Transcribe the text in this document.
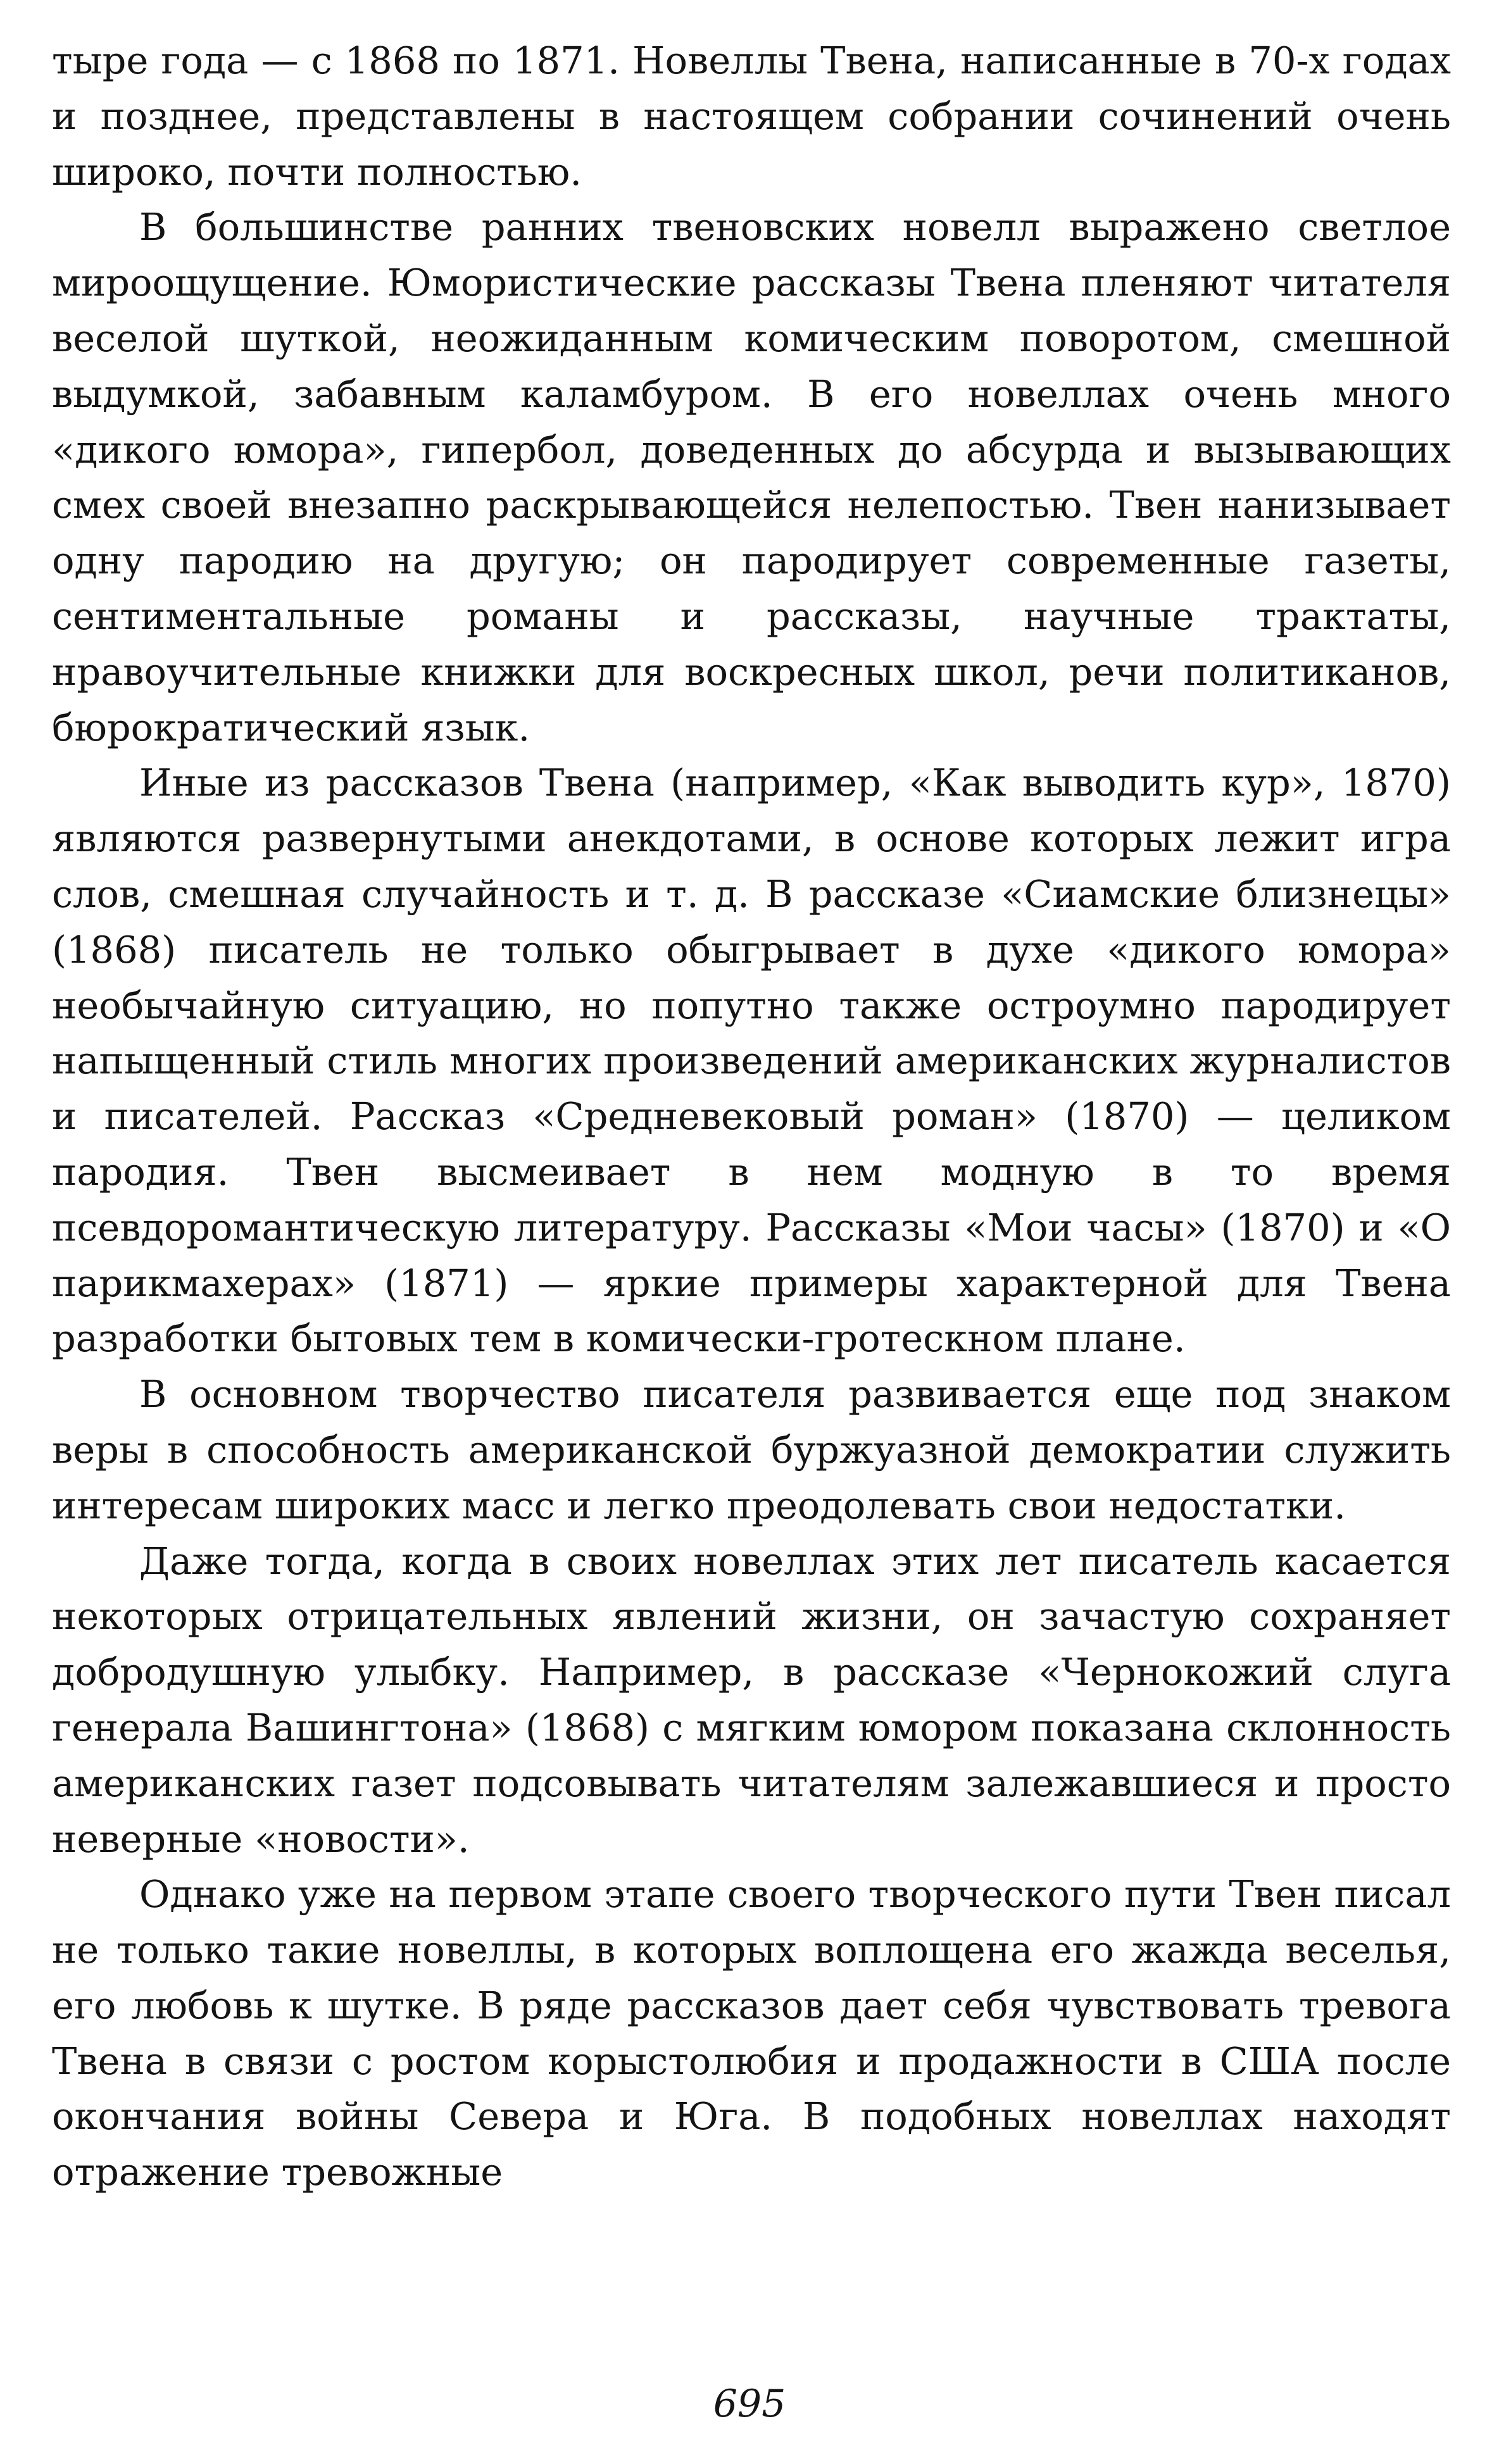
тыре года — с 1868 по 1871. Новеллы Твена, написанные в 70-х годах и позднее, представлены в настоящем собрании сочинений очень широко, почти полностью.

В большинстве ранних твеновских новелл выражено светлое мироощущение. Юмористические рассказы Твена пленяют читателя веселой шуткой, неожиданным комическим поворотом, смешной выдумкой, забавным каламбуром. В его новеллах очень много «дикого юмора», гипербол, доведенных до абсурда и вызывающих смех своей внезапно раскрывающейся нелепостью. Твен нанизывает одну пародию на другую; он пародирует современные газеты, сентиментальные романы и рассказы, научные трактаты, нравоучительные книжки для воскресных школ, речи политиканов, бюрократический язык.

Иные из рассказов Твена (например, «Как выводить кур», 1870) являются развернутыми анекдотами, в основе которых лежит игра слов, смешная случайность и т. д. В рассказе «Сиамские близнецы» (1868) писатель не только обыгрывает в духе «дикого юмора» необычайную ситуацию, но попутно также остроумно пародирует напыщенный стиль многих произведений американских журналистов и писателей. Рассказ «Средневековый роман» (1870) — целиком пародия. Твен высмеивает в нем модную в то время псевдоромантическую литературу. Рассказы «Мои часы» (1870) и «О парикмахерах» (1871) — яркие примеры характерной для Твена разработки бытовых тем в комически-гротескном плане.

В основном творчество писателя развивается еще под знаком веры в способность американской буржуазной демократии служить интересам широких масс и легко преодолевать свои недостатки.

Даже тогда, когда в своих новеллах этих лет писатель касается некоторых отрицательных явлений жизни, он зачастую сохраняет добродушную улыбку. Например, в рассказе «Чернокожий слуга генерала Вашингтона» (1868) с мягким юмором показана склонность американских газет подсовывать читателям залежавшиеся и просто неверные «новости».

Однако уже на первом этапе своего творческого пути Твен писал не только такие новеллы, в которых воплощена его жажда веселья, его любовь к шутке. В ряде рассказов дает себя чувствовать тревога Твена в связи с ростом корыстолюбия и продажности в США после окончания войны Севера и Юга. В подобных новеллах находят отражение тревожные

695
